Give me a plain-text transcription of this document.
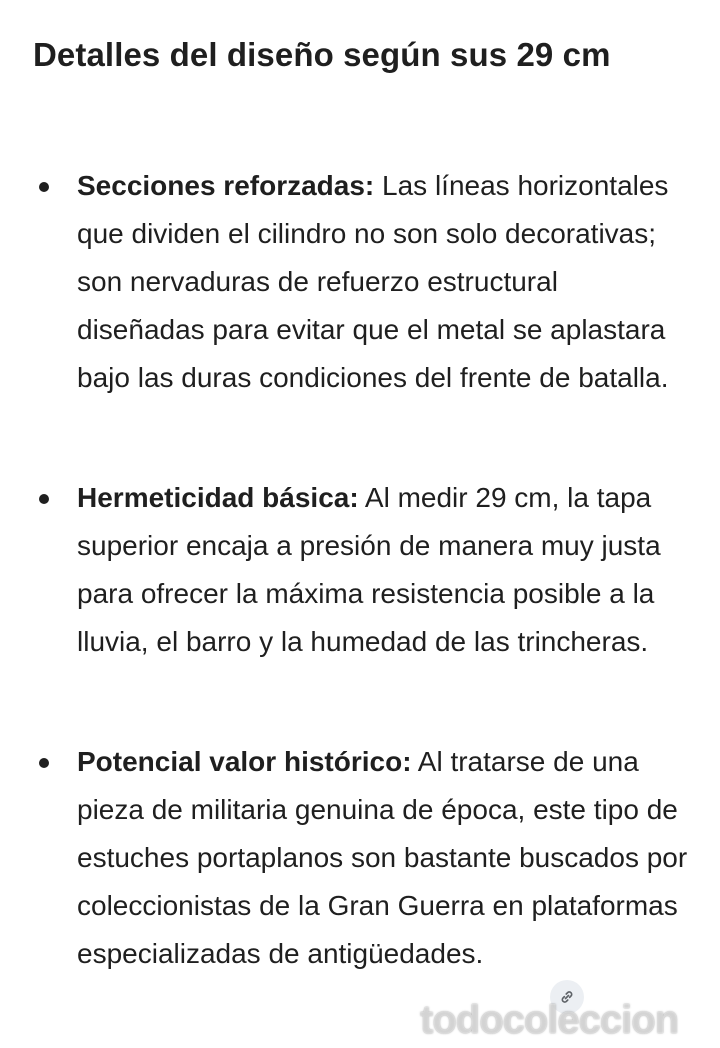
Detalles del diseño según sus 29 cm
Secciones reforzadas: Las líneas horizontales que dividen el cilindro no son solo decorativas; son nervaduras de refuerzo estructural diseñadas para evitar que el metal se aplastara bajo las duras condiciones del frente de batalla.
Hermeticidad básica: Al medir 29 cm, la tapa superior encaja a presión de manera muy justa para ofrecer la máxima resistencia posible a la lluvia, el barro y la humedad de las trincheras.
Potencial valor histórico: Al tratarse de una pieza de militaria genuina de época, este tipo de estuches portaplanos son bastante buscados por coleccionistas de la Gran Guerra en plataformas especializadas de antigüedades.
todocoleccion
